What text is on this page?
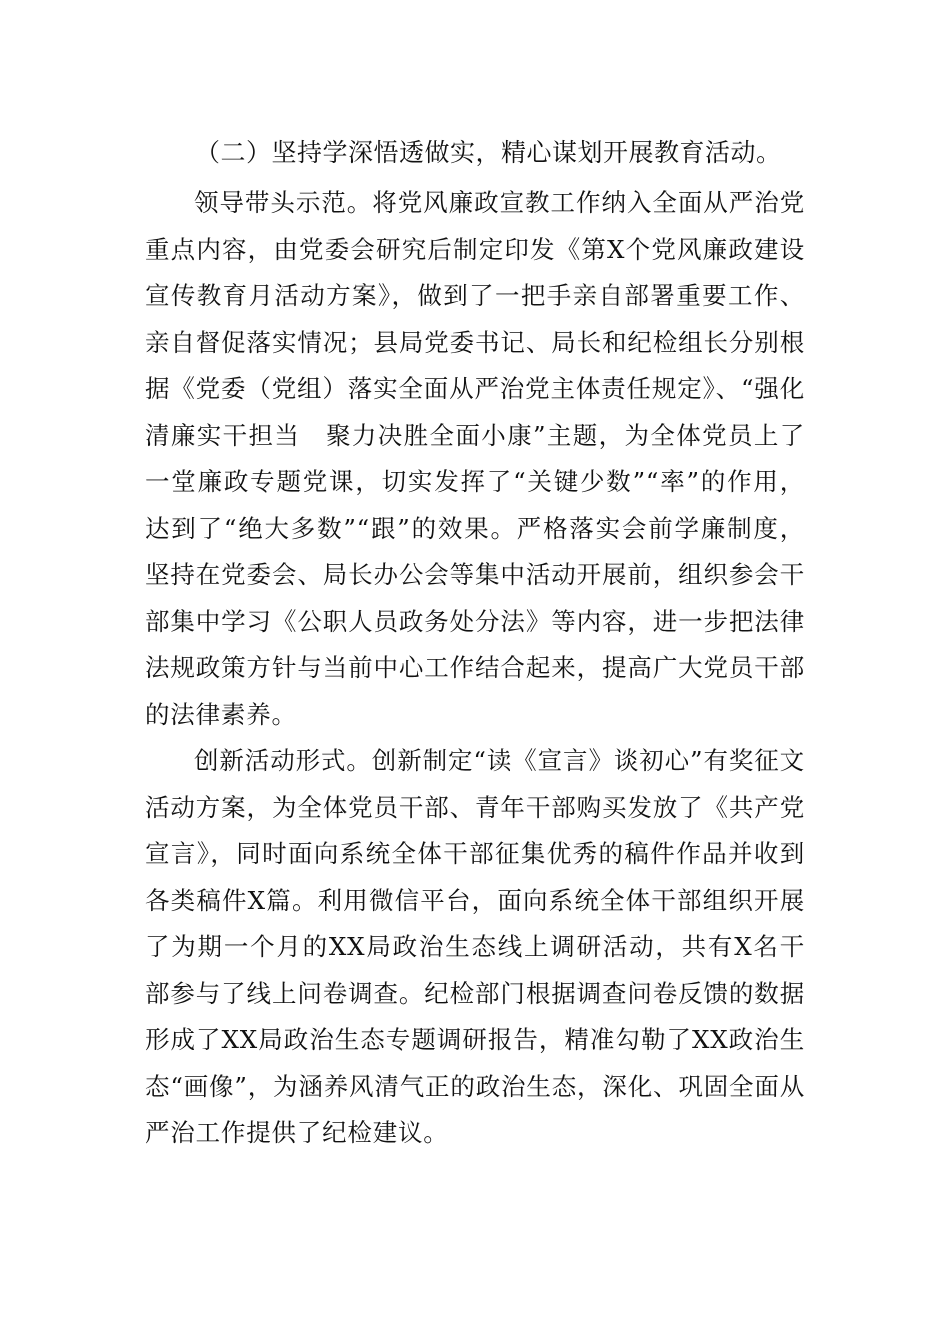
（二）坚持学深悟透做实，精心谋划开展教育活动。

领导带头示范。将党风廉政宣教工作纳入全面从严治党重点内容，由党委会研究后制定印发《第X个党风廉政建设宣传教育月活动方案》，做到了一把手亲自部署重要工作、亲自督促落实情况；县局党委书记、局长和纪检组长分别根据《党委（党组）落实全面从严治党主体责任规定》、“强化清廉实干担当　聚力决胜全面小康”主题，为全体党员上了一堂廉政专题党课，切实发挥了“关键少数”“率”的作用，达到了“绝大多数”“跟”的效果。严格落实会前学廉制度，坚持在党委会、局长办公会等集中活动开展前，组织参会干部集中学习《公职人员政务处分法》等内容，进一步把法律法规政策方针与当前中心工作结合起来，提高广大党员干部的法律素养。

创新活动形式。创新制定“读《宣言》谈初心”有奖征文活动方案，为全体党员干部、青年干部购买发放了《共产党宣言》，同时面向系统全体干部征集优秀的稿件作品并收到各类稿件X篇。利用微信平台，面向系统全体干部组织开展了为期一个月的XX局政治生态线上调研活动，共有X名干部参与了线上问卷调查。纪检部门根据调查问卷反馈的数据形成了XX局政治生态专题调研报告，精准勾勒了XX政治生态“画像”，为涵养风清气正的政治生态，深化、巩固全面从严治工作提供了纪检建议。
